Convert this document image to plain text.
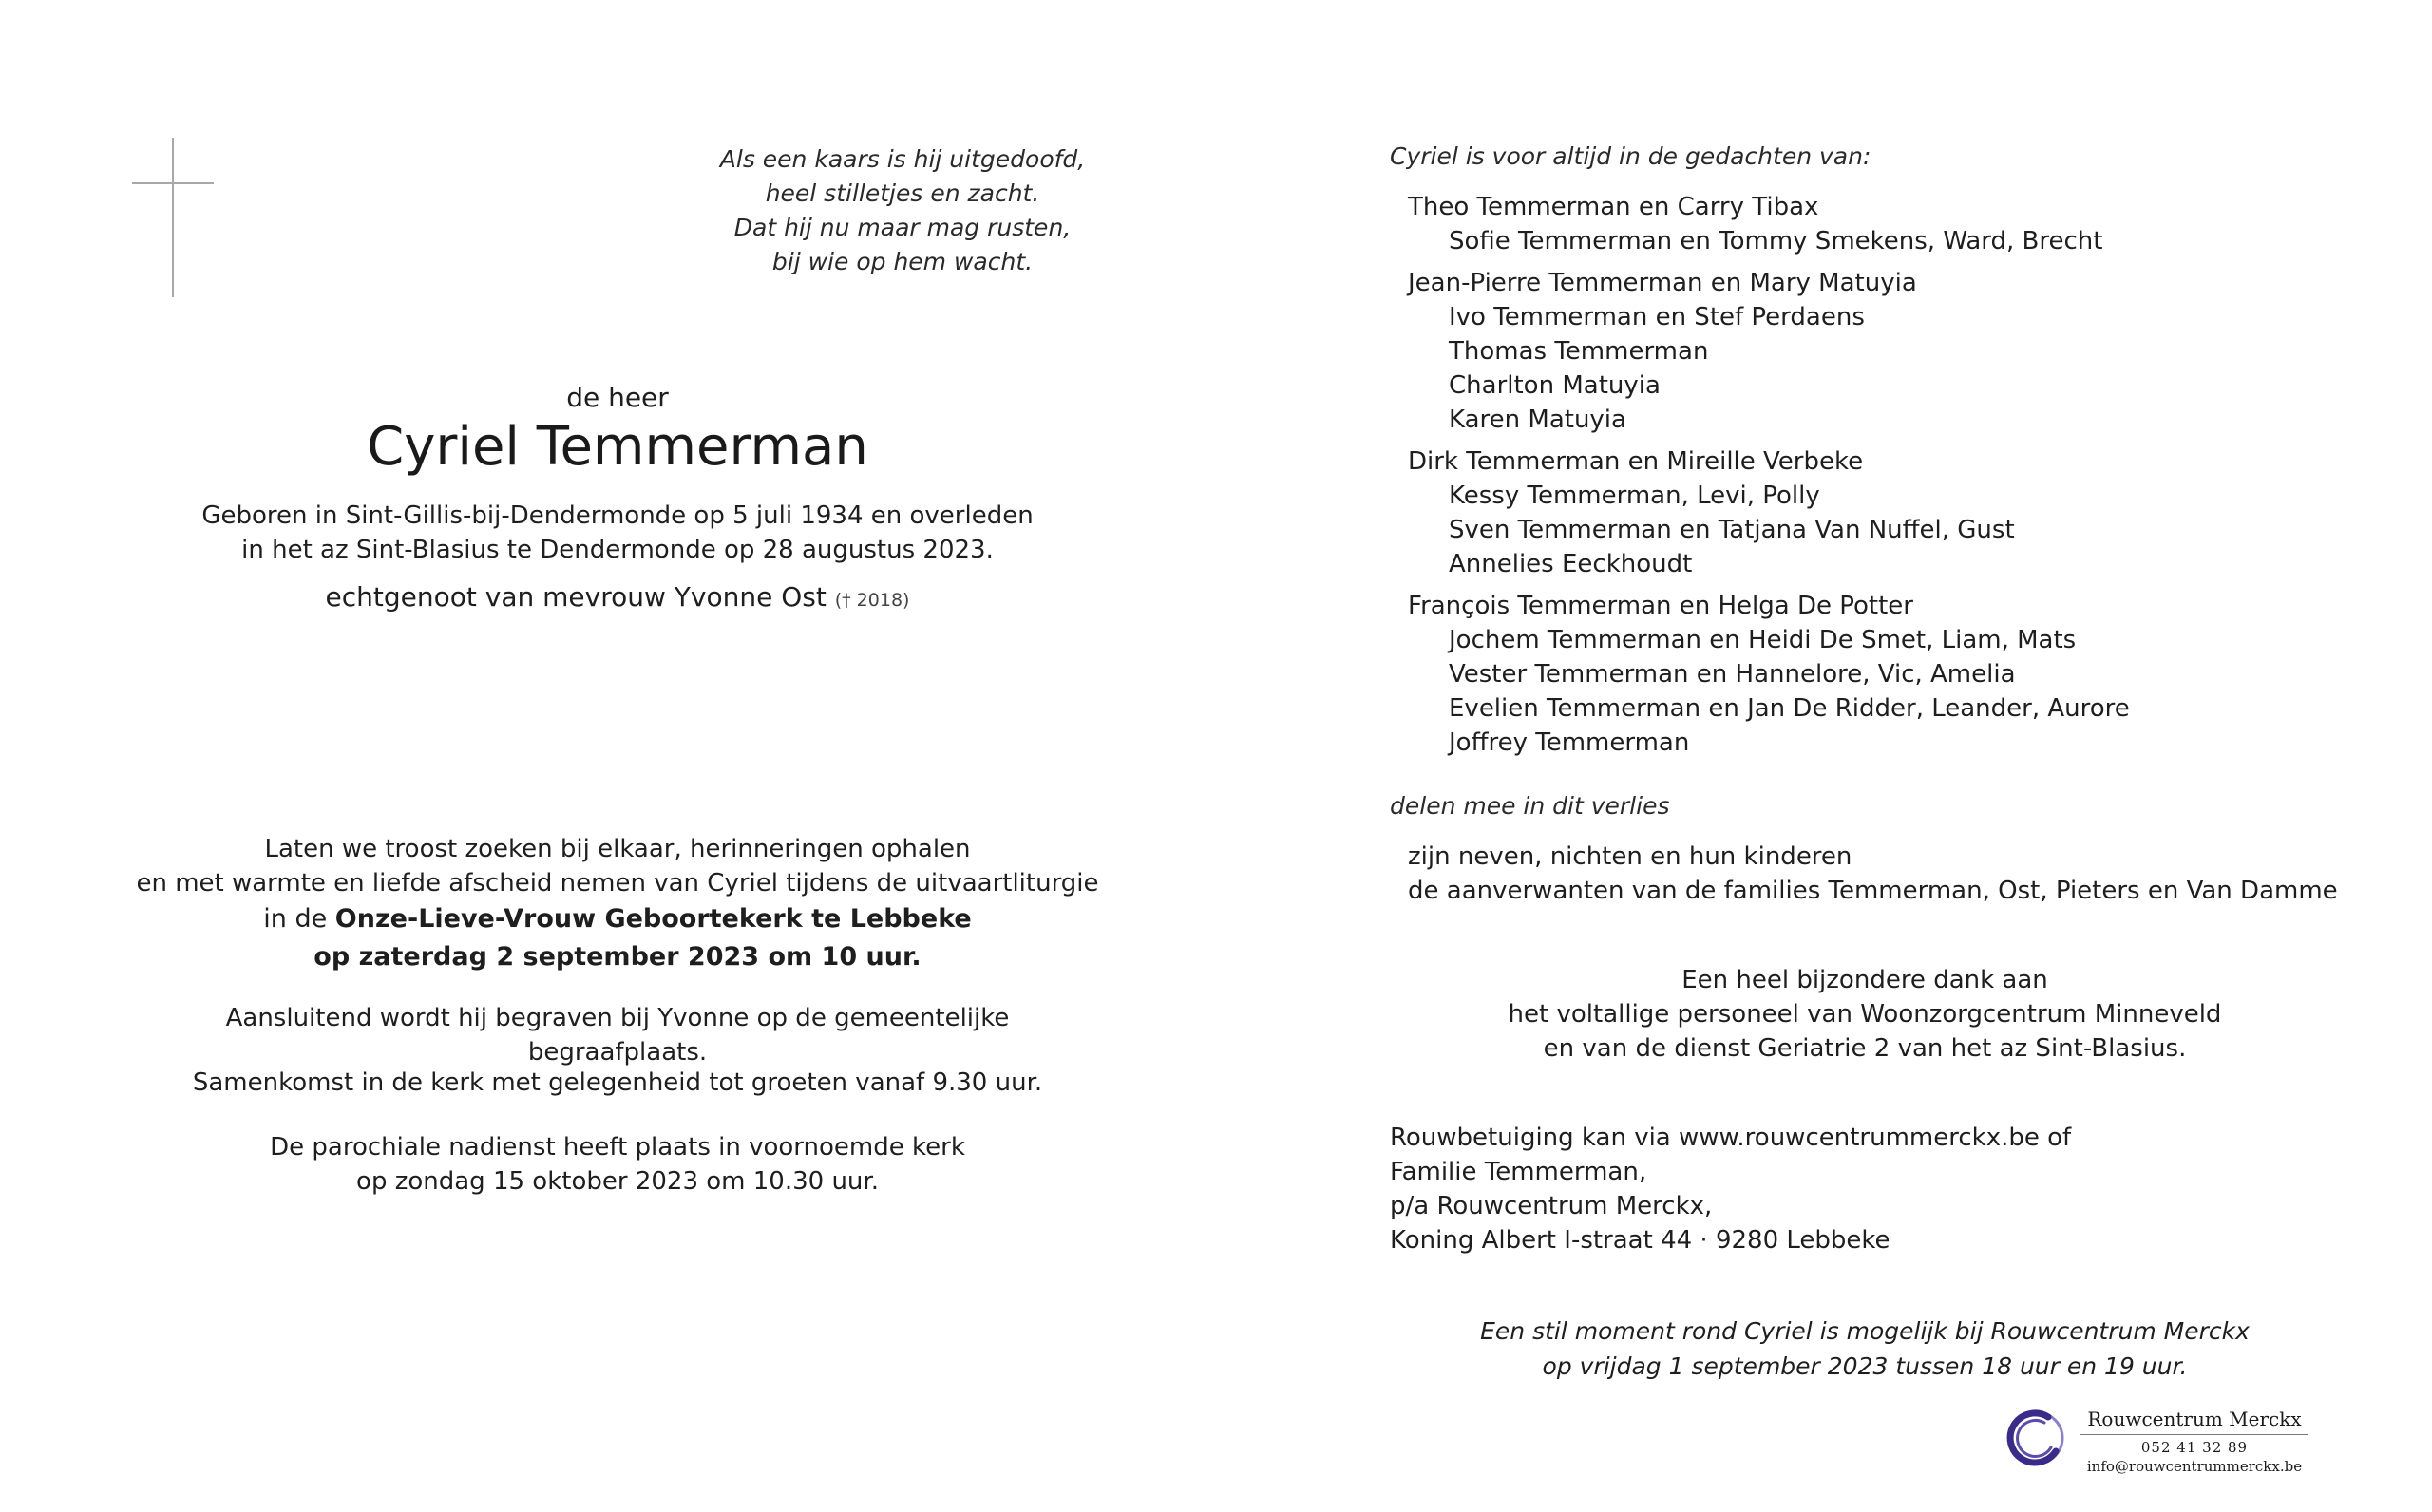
Als een kaars is hij uitgedoofd,
heel stilletjes en zacht.
Dat hij nu maar mag rusten,
bij wie op hem wacht.
de heer
Cyriel Temmerman
Geboren in Sint-Gillis-bij-Dendermonde op 5 juli 1934 en overleden
in het az Sint-Blasius te Dendermonde op 28 augustus 2023.
echtgenoot van mevrouw Yvonne Ost († 2018)
Laten we troost zoeken bij elkaar, herinneringen ophalen
en met warmte en liefde afscheid nemen van Cyriel tijdens de uitvaartliturgie
in de Onze-Lieve-Vrouw Geboortekerk te Lebbeke
op zaterdag 2 september 2023 om 10 uur.
Aansluitend wordt hij begraven bij Yvonne op de gemeentelijke begraafplaats.
Samenkomst in de kerk met gelegenheid tot groeten vanaf 9.30 uur.
De parochiale nadienst heeft plaats in voornoemde kerk
op zondag 15 oktober 2023 om 10.30 uur.
Cyriel is voor altijd in de gedachten van:
Theo Temmerman en Carry Tibax
Sofie Temmerman en Tommy Smekens, Ward, Brecht
Jean-Pierre Temmerman en Mary Matuyia
Ivo Temmerman en Stef Perdaens
Thomas Temmerman
Charlton Matuyia
Karen Matuyia
Dirk Temmerman en Mireille Verbeke
Kessy Temmerman, Levi, Polly
Sven Temmerman en Tatjana Van Nuffel, Gust
Annelies Eeckhoudt
François Temmerman en Helga De Potter
Jochem Temmerman en Heidi De Smet, Liam, Mats
Vester Temmerman en Hannelore, Vic, Amelia
Evelien Temmerman en Jan De Ridder, Leander, Aurore
Joffrey Temmerman
delen mee in dit verlies
zijn neven, nichten en hun kinderen
de aanverwanten van de families Temmerman, Ost, Pieters en Van Damme
Een heel bijzondere dank aan
het voltallige personeel van Woonzorgcentrum Minneveld
en van de dienst Geriatrie 2 van het az Sint-Blasius.
Rouwbetuiging kan via www.rouwcentrummerckx.be of
Familie Temmerman,
p/a Rouwcentrum Merckx,
Koning Albert I-straat 44 · 9280 Lebbeke
Een stil moment rond Cyriel is mogelijk bij Rouwcentrum Merckx
op vrijdag 1 september 2023 tussen 18 uur en 19 uur.
Rouwcentrum Merckx
052 41 32 89
info@rouwcentrummerckx.be
